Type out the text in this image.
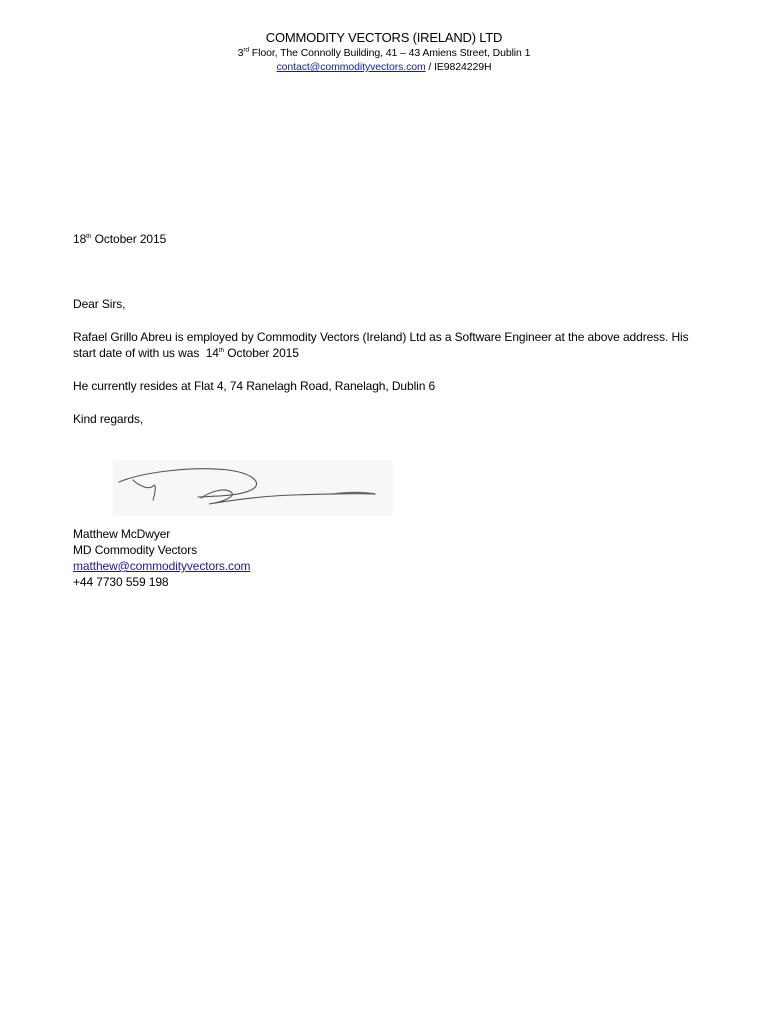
COMMODITY VECTORS (IRELAND) LTD
3rd Floor, The Connolly Building, 41 – 43 Amiens Street, Dublin 1
contact@commodityvectors.com / IE9824229H
18th October 2015
Dear Sirs,
Rafael Grillo Abreu is employed by Commodity Vectors (Ireland) Ltd as a Software Engineer at the above address. His start date of with us was  14th October 2015
He currently resides at Flat 4, 74 Ranelagh Road, Ranelagh, Dublin 6
Kind regards,
Matthew McDwyer
MD Commodity Vectors
matthew@commodityvectors.com
+44 7730 559 198
